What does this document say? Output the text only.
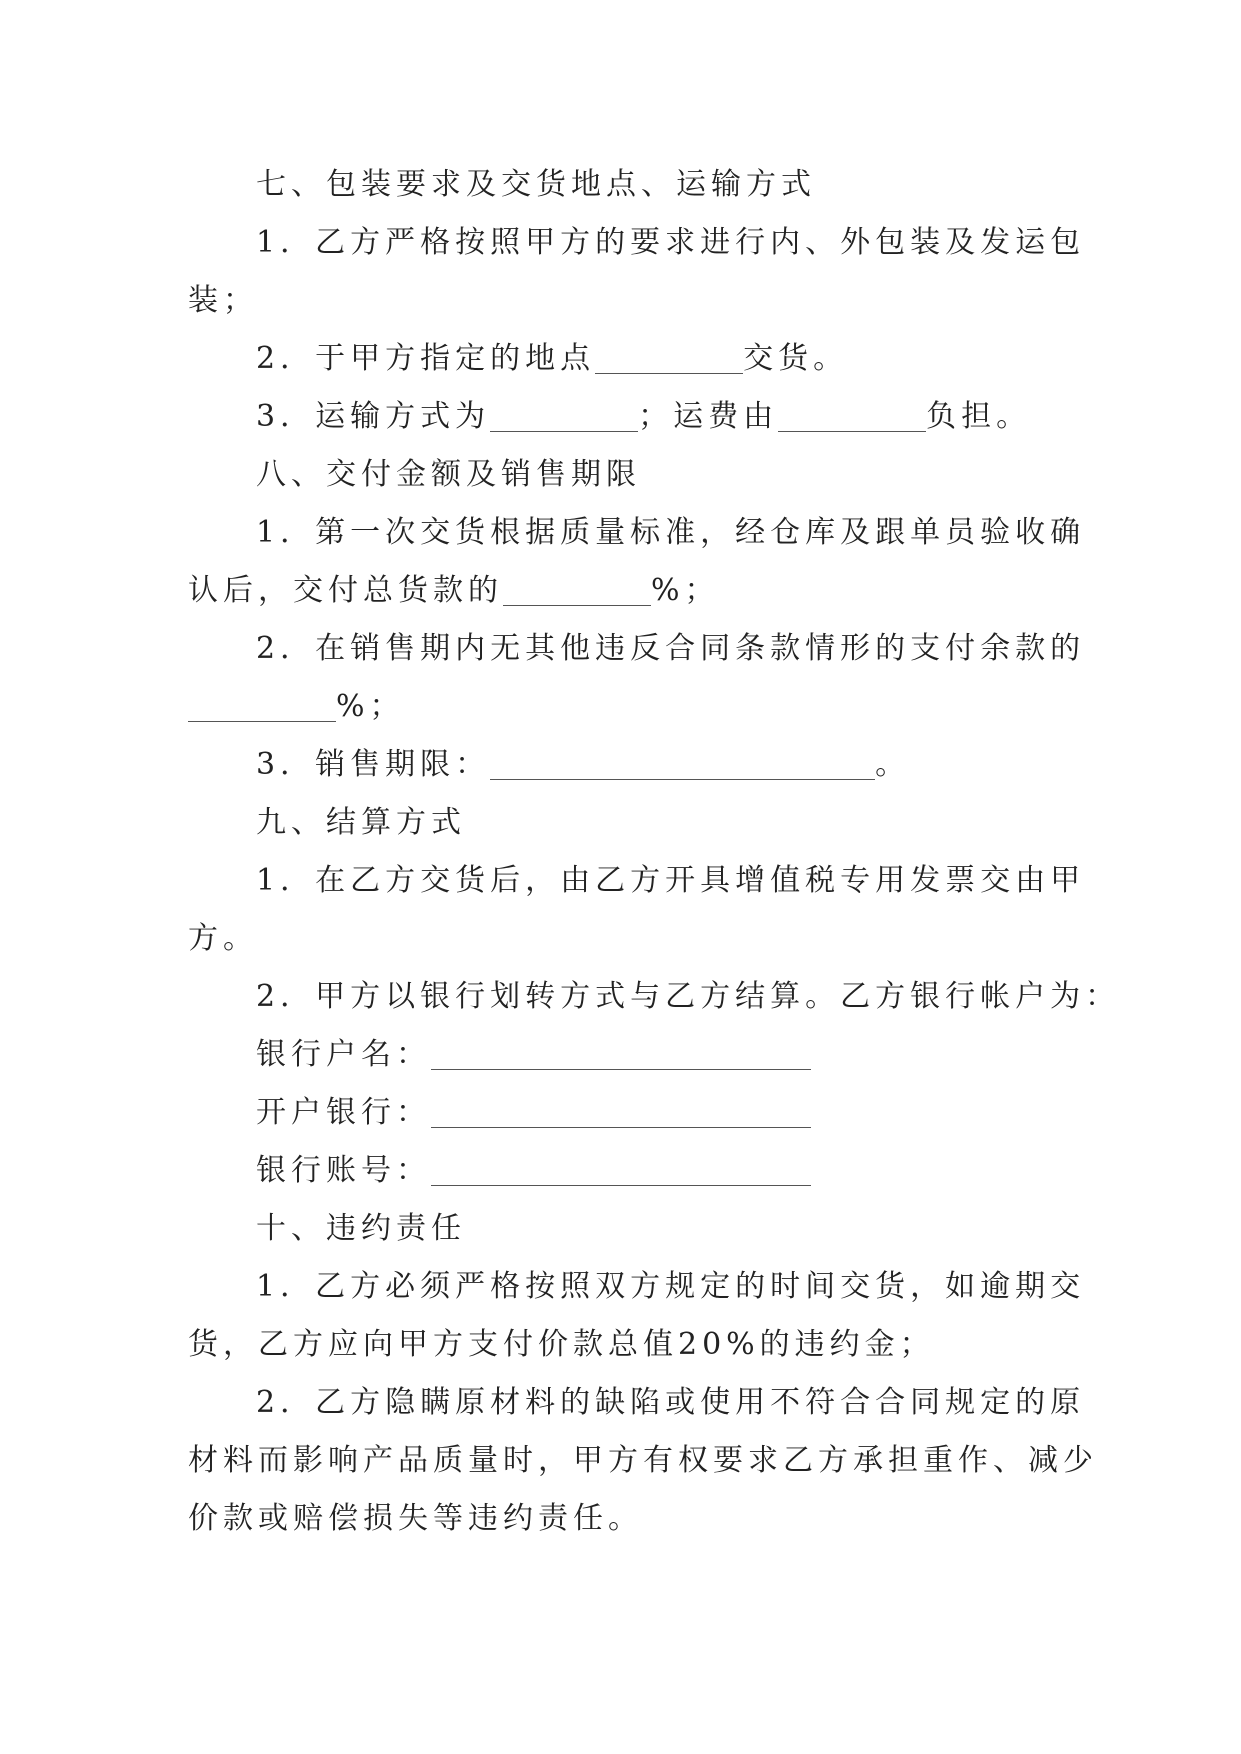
七、包装要求及交货地点、运输方式
1．乙方严格按照甲方的要求进行内、外包装及发运包
装；
2．于甲方指定的地点	交货。
3．运输方式为	；运费由	负担。
八、交付金额及销售期限
1．第一次交货根据质量标准，经仓库及跟单员验收确
认后，交付总货款的	%；
2．在销售期内无其他违反合同条款情形的支付余款的
%；
3．销售期限：	。
九、结算方式
1．在乙方交货后，由乙方开具增值税专用发票交由甲
方。
2．甲方以银行划转方式与乙方结算。乙方银行帐户为：
银行户名：
开户银行：
银行账号：
十、违约责任
1．乙方必须严格按照双方规定的时间交货，如逾期交
货，乙方应向甲方支付价款总值20%的违约金；
2．乙方隐瞒原材料的缺陷或使用不符合合同规定的原
材料而影响产品质量时，甲方有权要求乙方承担重作、减少
价款或赔偿损失等违约责任。
